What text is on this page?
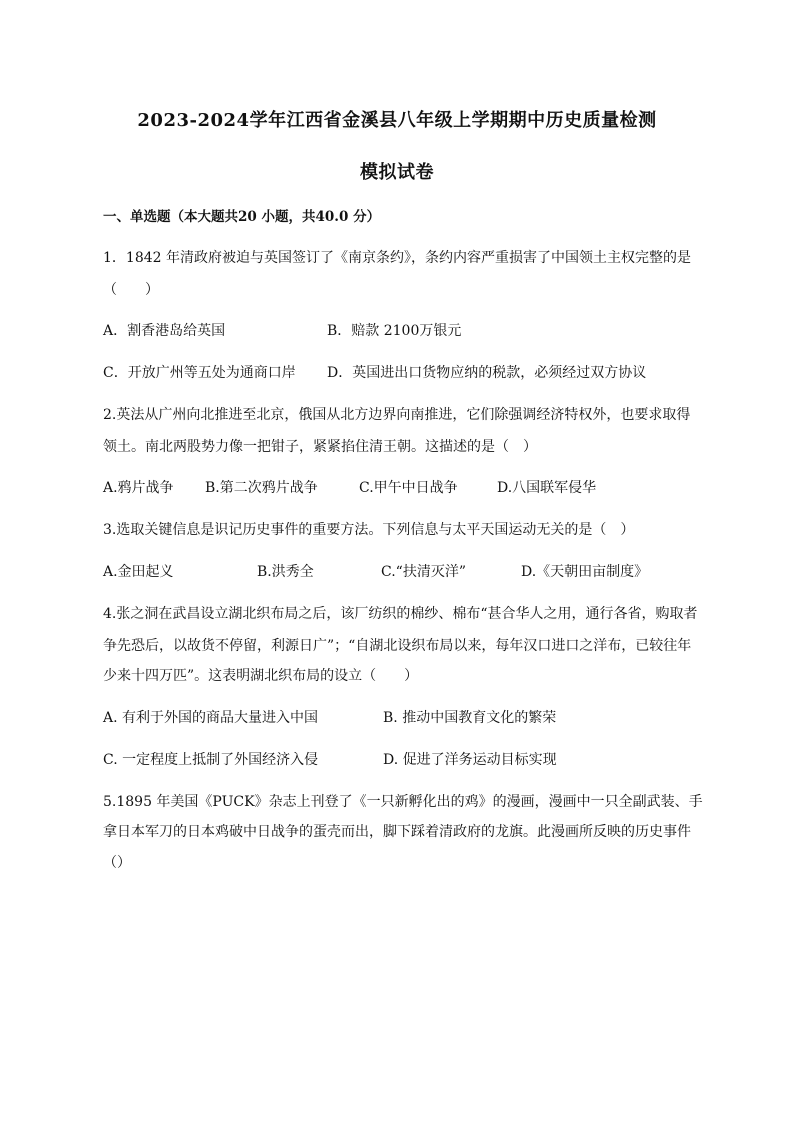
2023-2024学年江西省金溪县八年级上学期期中历史质量检测
模拟试卷
一、单选题（本大题共20 小题，共40.0 分）
1．1842 年清政府被迫与英国签订了《南京条约》，条约内容严重损害了中国领土主权完整的是
（　　）
A．割香港岛给英国	B．赔款 2100万银元
C．开放广州等五处为通商口岸 D．英国进出口货物应纳的税款，必须经过双方协议
2.英法从广州向北推进至北京，俄国从北方边界向南推进，它们除强调经济特权外，也要求取得
领土。南北两股势力像一把钳子，紧紧掐住清王朝。这描述的是（　）
A.鸦片战争 B.第二次鸦片战争	C.甲午中日战争	D.八国联军侵华
3.选取关键信息是识记历史事件的重要方法。下列信息与太平天国运动无关的是（　）
A.金田起义	B.洪秀全	C.“扶清灭洋”	D.《天朝田亩制度》
4.张之洞在武昌设立湖北织布局之后，该厂纺织的棉纱、棉布“甚合华人之用，通行各省，购取者
争先恐后，以故货不停留，利源日广”；“自湖北设织布局以来，每年汉口进口之洋布，已较往年
少来十四万匹”。这表明湖北织布局的设立（　　）
A. 有利于外国的商品大量进入中国	B. 推动中国教育文化的繁荣
C. 一定程度上抵制了外国经济入侵	D. 促进了洋务运动目标实现
5.1895 年美国《PUCK》杂志上刊登了《一只新孵化出的鸡》的漫画，漫画中一只全副武装、手
拿日本军刀的日本鸡破中日战争的蛋壳而出，脚下踩着清政府的龙旗。此漫画所反映的历史事件
（）
